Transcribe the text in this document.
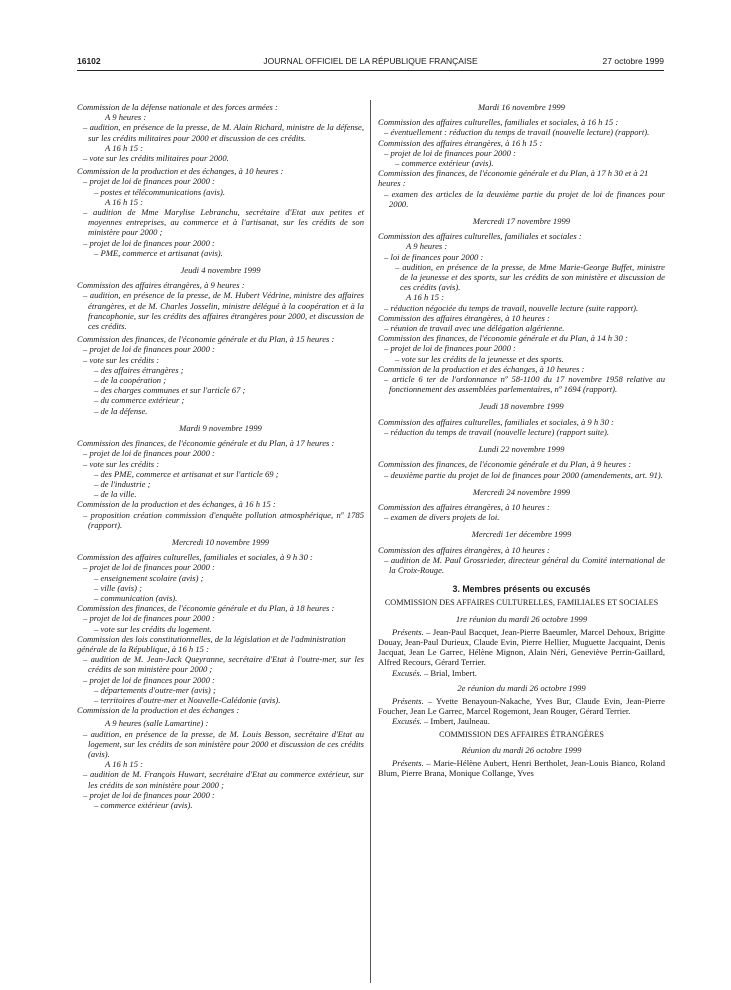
16102	JOURNAL OFFICIEL DE LA RÉPUBLIQUE FRANÇAISE	27 octobre 1999

Commission de la défense nationale et des forces armées :

A 9 heures :

– audition, en présence de la presse, de M. Alain Richard, ministre de la défense, sur les crédits militaires pour 2000 et discussion de ces crédits.

A 16 h 15 :

– vote sur les crédits militaires pour 2000.

Commission de la production et des échanges, à 10 heures :

– projet de loi de finances pour 2000 :

– postes et télécommunications (avis).

A 16 h 15 :

– audition de Mme Marylise Lebranchu, secrétaire d'Etat aux petites et moyennes entreprises, au commerce et à l'artisanat, sur les crédits de son ministère pour 2000 ;

– projet de loi de finances pour 2000 :

– PME, commerce et artisanat (avis).

Jeudi 4 novembre 1999

Commission des affaires étrangères, à 9 heures :

– audition, en présence de la presse, de M. Hubert Védrine, ministre des affaires étrangères, et de M. Charles Josselin, ministre délégué à la coopération et à la francophonie, sur les crédits des affaires étrangères pour 2000, et discussion de ces crédits.

Commission des finances, de l'économie générale et du Plan, à 15 heures :

– projet de loi de finances pour 2000 :

– vote sur les crédits :

– des affaires étrangères ;

– de la coopération ;

– des charges communes et sur l'article 67 ;

– du commerce extérieur ;

– de la défense.

Mardi 9 novembre 1999

Commission des finances, de l'économie générale et du Plan, à 17 heures :

– projet de loi de finances pour 2000 :

– vote sur les crédits :

– des PME, commerce et artisanat et sur l'article 69 ;

– de l'industrie ;

– de la ville.

Commission de la production et des échanges, à 16 h 15 :

– proposition création commission d'enquête pollution atmosphérique, nº 1785 (rapport).

Mercredi 10 novembre 1999

Commission des affaires culturelles, familiales et sociales, à 9 h 30 :

– projet de loi de finances pour 2000 :

– enseignement scolaire (avis) ;

– ville (avis) ;

– communication (avis).

Commission des finances, de l'économie générale et du Plan, à 18 heures :

– projet de loi de finances pour 2000 :

– vote sur les crédits du logement.

Commission des lois constitutionnelles, de la législation et de l'administration générale de la République, à 16 h 15 :

– audition de M. Jean-Jack Queyranne, secrétaire d'Etat à l'outre-mer, sur les crédits de son ministère pour 2000 ;

– projet de loi de finances pour 2000 :

– départements d'outre-mer (avis) ;

– territoires d'outre-mer et Nouvelle-Calédonie (avis).

Commission de la production et des échanges :

A 9 heures (salle Lamartine) :

– audition, en présence de la presse, de M. Louis Besson, secrétaire d'Etat au logement, sur les crédits de son ministère pour 2000 et discussion de ces crédits (avis).

A 16 h 15 :

– audition de M. François Huwart, secrétaire d'Etat au commerce extérieur, sur les crédits de son ministère pour 2000 ;

– projet de loi de finances pour 2000 :

– commerce extérieur (avis).

Mardi 16 novembre 1999

Commission des affaires culturelles, familiales et sociales, à 16 h 15 :

– éventuellement : réduction du temps de travail (nouvelle lecture) (rapport).

Commission des affaires étrangères, à 16 h 15 :

– projet de loi de finances pour 2000 :

– commerce extérieur (avis).

Commission des finances, de l'économie générale et du Plan, à 17 h 30 et à 21 heures :

– examen des articles de la deuxième partie du projet de loi de finances pour 2000.

Mercredi 17 novembre 1999

Commission des affaires culturelles, familiales et sociales :

A 9 heures :

– loi de finances pour 2000 :

– audition, en présence de la presse, de Mme Marie-George Buffet, ministre de la jeunesse et des sports, sur les crédits de son ministère et discussion de ces crédits (avis).

A 16 h 15 :

– réduction négociée du temps de travail, nouvelle lecture (suite rapport).

Commission des affaires étrangères, à 10 heures :

– réunion de travail avec une délégation algérienne.

Commission des finances, de l'économie générale et du Plan, à 14 h 30 :

– projet de loi de finances pour 2000 :

– vote sur les crédits de la jeunesse et des sports.

Commission de la production et des échanges, à 10 heures :

– article 6 ter de l'ordonnance nº 58-1100 du 17 novembre 1958 relative au fonctionnement des assemblées parlementaires, nº 1694 (rapport).

Jeudi 18 novembre 1999

Commission des affaires culturelles, familiales et sociales, à 9 h 30 :

– réduction du temps de travail (nouvelle lecture) (rapport suite).

Lundi 22 novembre 1999

Commission des finances, de l'économie générale et du Plan, à 9 heures :

– deuxième partie du projet de loi de finances pour 2000 (amendements, art. 91).

Mercredi 24 novembre 1999

Commission des affaires étrangères, à 10 heures :

– examen de divers projets de loi.

Mercredi 1er décembre 1999

Commission des affaires étrangères, à 10 heures :

– audition de M. Paul Grossrieder, directeur général du Comité international de la Croix-Rouge.

3. Membres présents ou excusés

COMMISSION DES AFFAIRES CULTURELLES, FAMILIALES ET SOCIALES

1re réunion du mardi 26 octobre 1999

Présents. – Jean-Paul Bacquet, Jean-Pierre Baeumler, Marcel Dehoux, Brigitte Douay, Jean-Paul Durieux, Claude Evin, Pierre Hellier, Muguette Jacquaint, Denis Jacquat, Jean Le Garrec, Hélène Mignon, Alain Néri, Geneviève Perrin-Gaillard, Alfred Recours, Gérard Terrier.

Excusés. – Brial, Imbert.

2e réunion du mardi 26 octobre 1999

Présents. – Yvette Benayoun-Nakache, Yves Bur, Claude Evin, Jean-Pierre Foucher, Jean Le Garrec, Marcel Rogemont, Jean Rouger, Gérard Terrier.

Excusés. – Imbert, Jaulneau.

COMMISSION DES AFFAIRES ÉTRANGÈRES

Réunion du mardi 26 octobre 1999

Présents. – Marie-Hélène Aubert, Henri Bertholet, Jean-Louis Bianco, Roland Blum, Pierre Brana, Monique Collange, Yves
